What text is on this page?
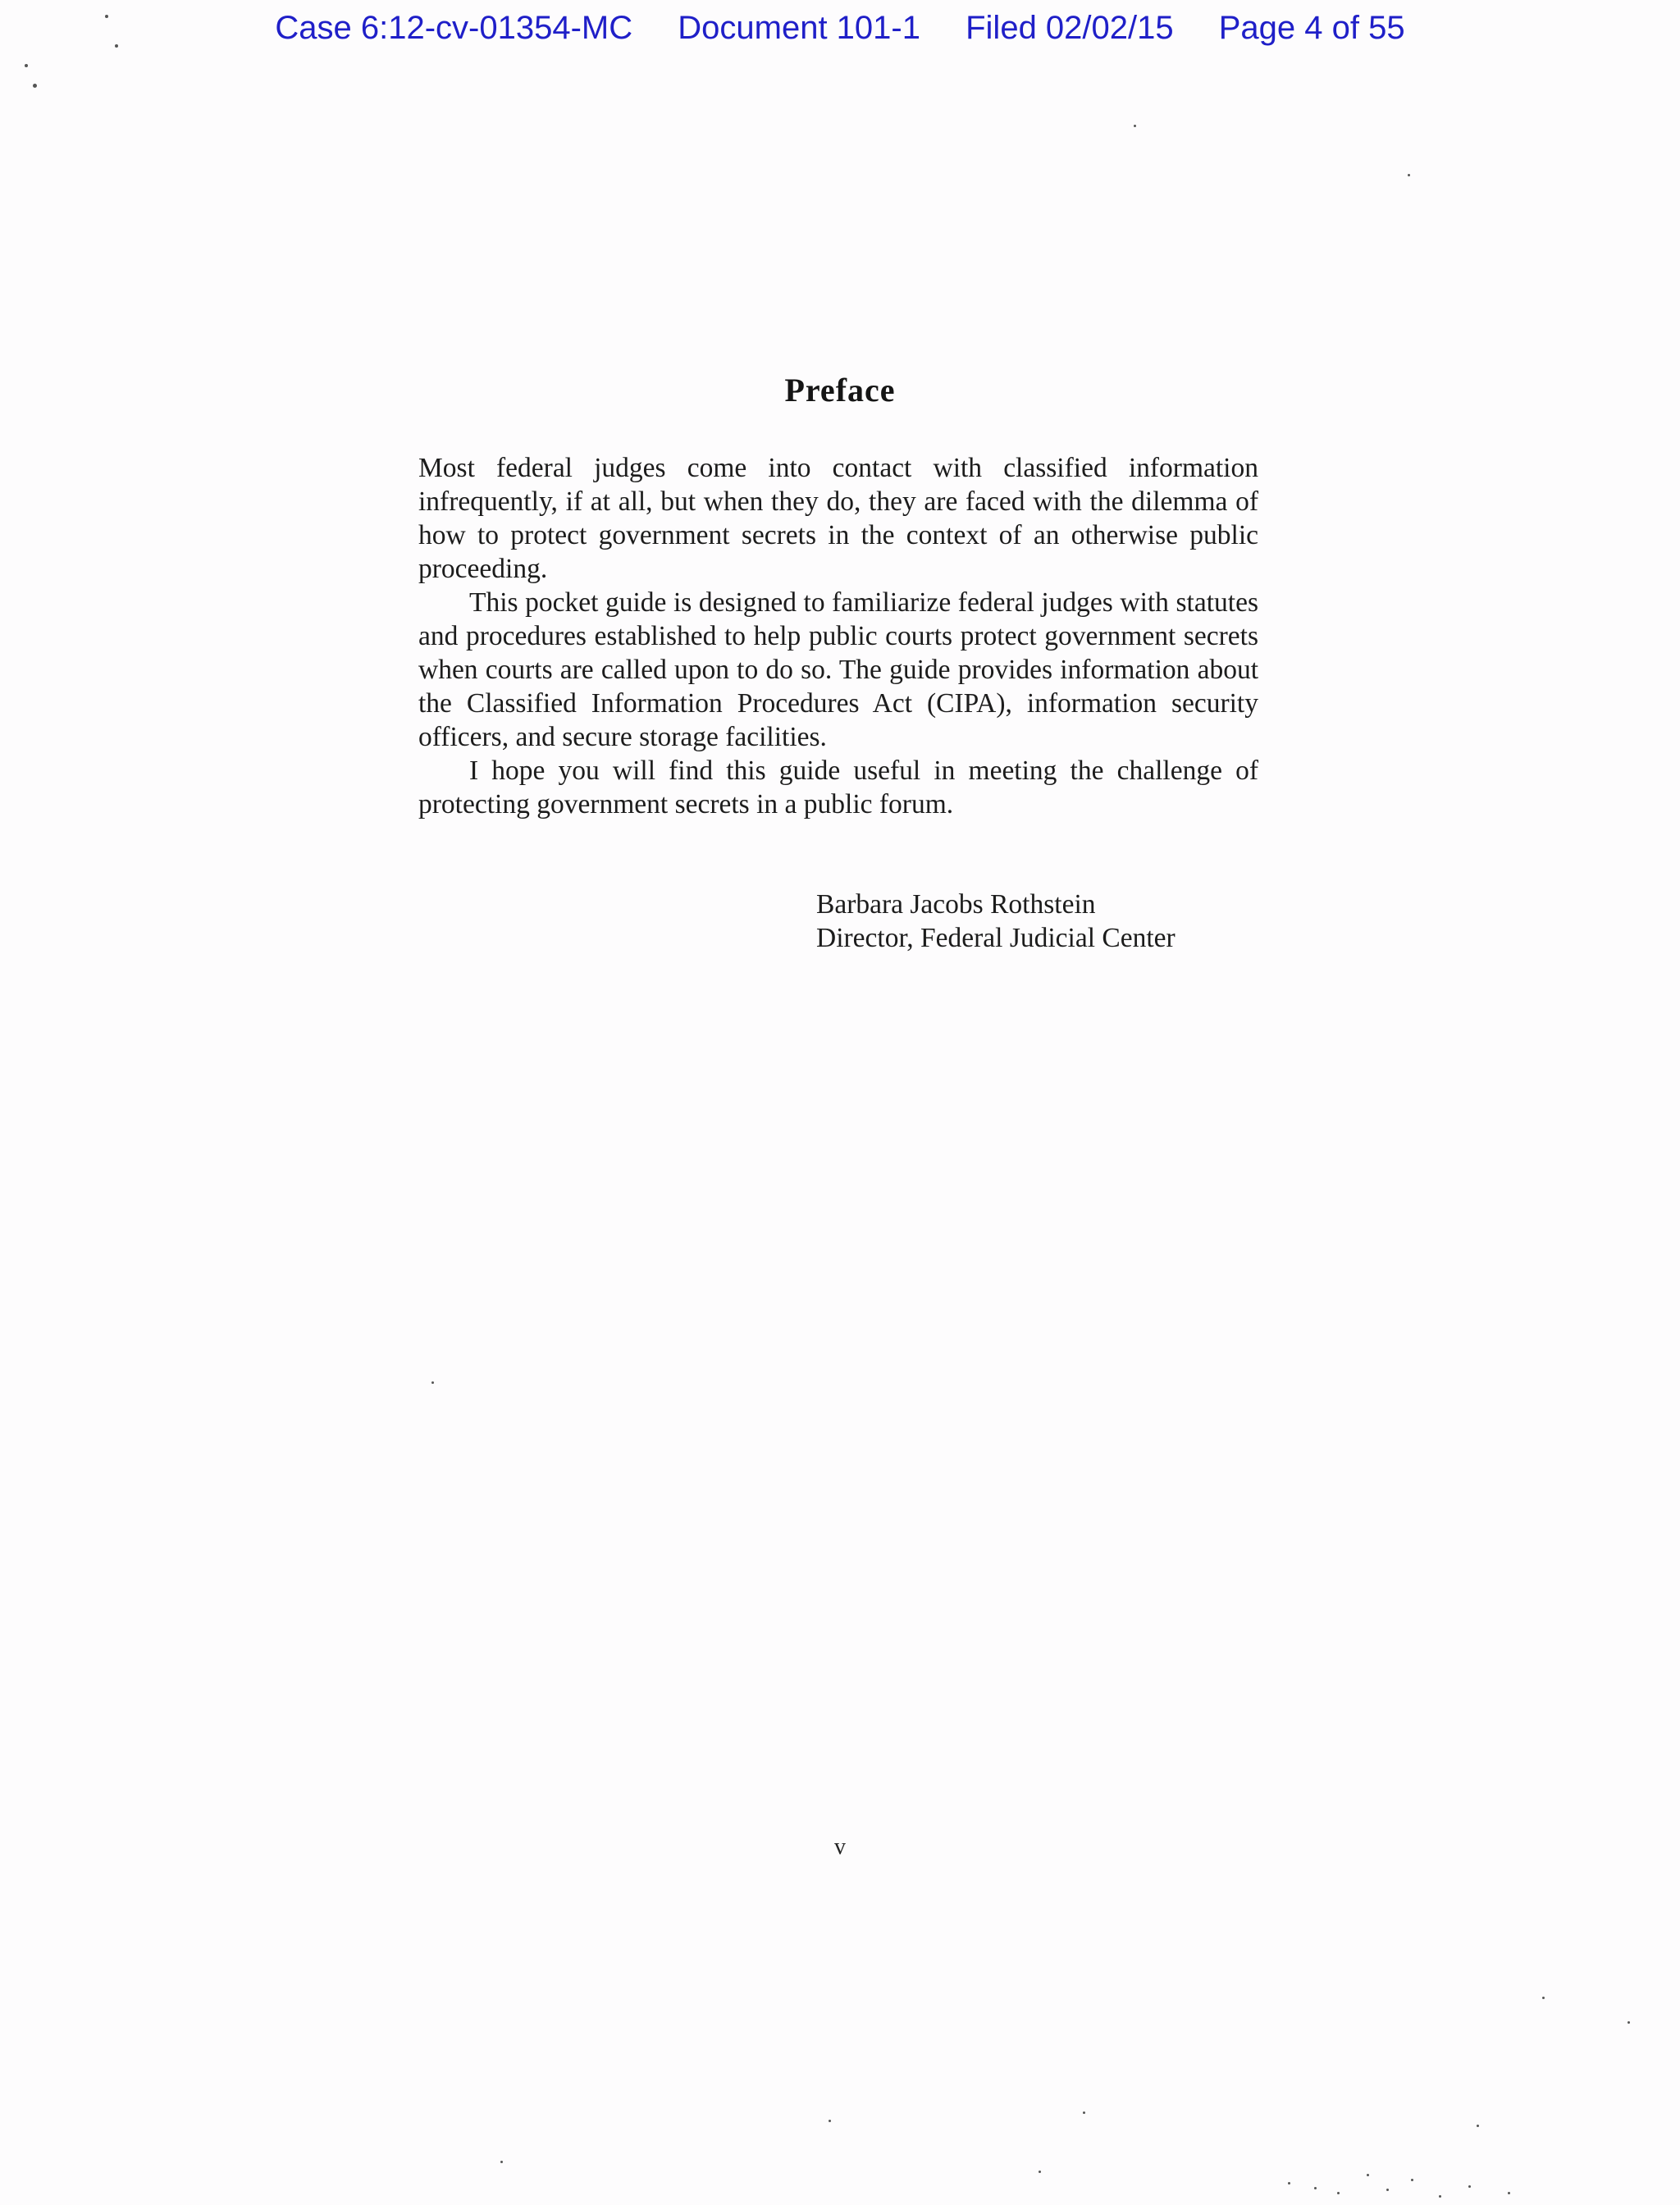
Case 6:12-cv-01354-MC Document 101-1 Filed 02/02/15 Page 4 of 55
Preface

Most federal judges come into contact with classified information infrequently, if at all, but when they do, they are faced with the dilemma of how to protect government secrets in the context of an otherwise public proceeding.

This pocket guide is designed to familiarize federal judges with statutes and procedures established to help public courts protect government secrets when courts are called upon to do so. The guide provides information about the Classified Information Procedures Act (CIPA), information security officers, and secure storage facilities.

I hope you will find this guide useful in meeting the challenge of protecting government secrets in a public forum.

Barbara Jacobs Rothstein
Director, Federal Judicial Center
v
